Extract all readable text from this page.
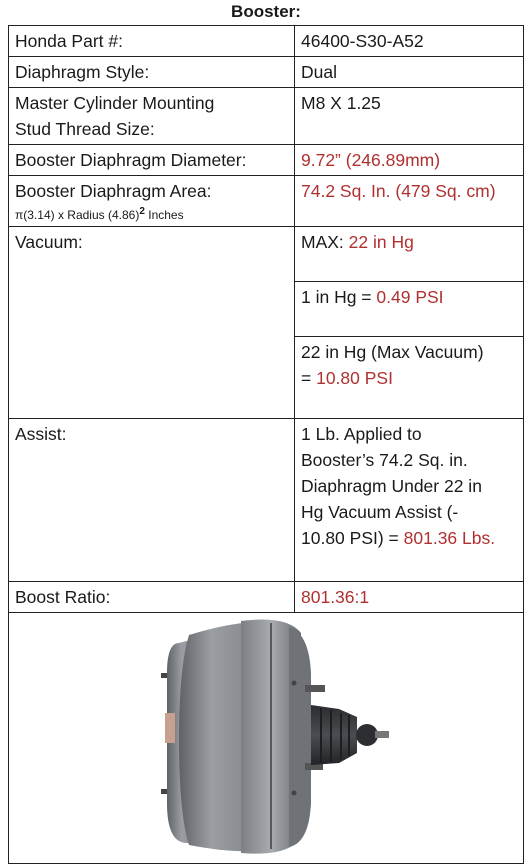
Booster:
Honda Part #:	46400-S30-A52
Diaphragm Style:	Dual
Master Cylinder Mounting
Stud Thread Size:	M8 X 1.25
Booster Diaphragm Diameter:	9.72” (246.89mm)
Booster Diaphragm Area:
π(3.14) x Radius $(4.86)^2$ Inches	74.2 Sq. In. (479 Sq. cm)
Vacuum:	MAX: 22 in Hg
	1 in Hg = 0.49 PSI
	22 in Hg (Max Vacuum)
= 10.80 PSI
Assist:	1 Lb. Applied to
Booster’s 74.2 Sq. in.
Diaphragm Under 22 in
Hg Vacuum Assist (-
10.80 PSI) = 801.36 Lbs.
Boost Ratio:	801.36:1
